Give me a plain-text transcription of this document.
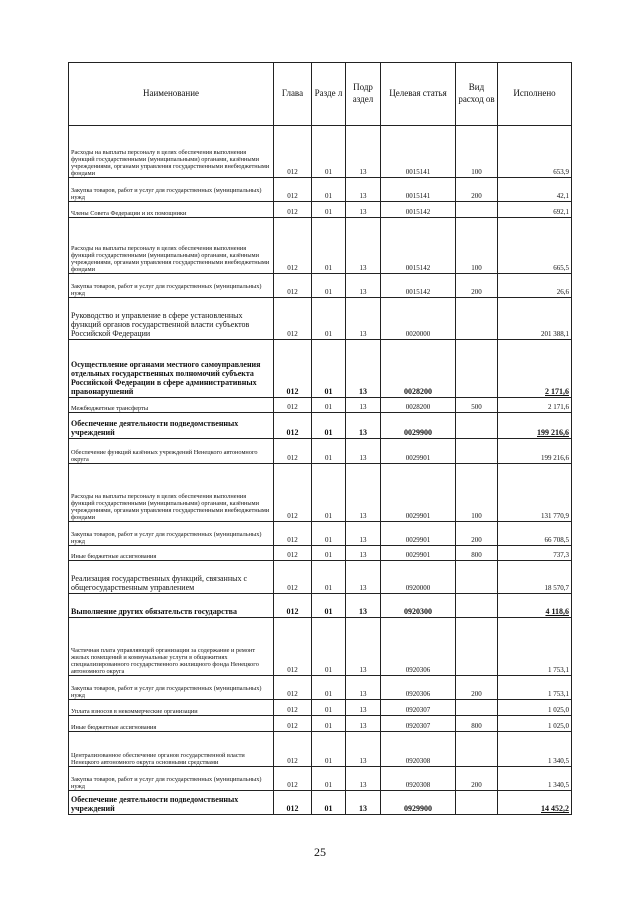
Наименование	Глава	Разде л	Подр аздел	Целевая статья	Вид расход ов	Исполнено
Расходы на выплаты персоналу в целях обеспечения выполнения функций государственными (муниципальными) органами, казёнными учреждениями, органами управления государственными внебюджетными фондами	012	01	13	0015141	100	653,9
Закупка товаров, работ и услуг для государственных (муниципальных) нужд	012	01	13	0015141	200	42,1
Члены Совета Федерации и их помощники	012	01	13	0015142		692,1
Расходы на выплаты персоналу в целях обеспечения выполнения функций государственными (муниципальными) органами, казёнными учреждениями, органами управления государственными внебюджетными фондами	012	01	13	0015142	100	665,5
Закупка товаров, работ и услуг для государственных (муниципальных) нужд	012	01	13	0015142	200	26,6
Руководство и управление в сфере установленных функций органов государственной власти субъектов Российской Федерации	012	01	13	0020000		201 388,1
Осуществление органами местного самоуправления отдельных государственных полномочий субъекта Российской Федерации в сфере административных правонарушений	012	01	13	0028200		2 171,6
Межбюджетные трансферты	012	01	13	0028200	500	2 171,6
Обеспечение деятельности подведомственных учреждений	012	01	13	0029900		199 216,6
Обеспечение функций казённых учреждений Ненецкого автономного округа	012	01	13	0029901		199 216,6
Расходы на выплаты персоналу в целях обеспечения выполнения функций государственными (муниципальными) органами, казёнными учреждениями, органами управления государственными внебюджетными фондами	012	01	13	0029901	100	131 770,9
Закупка товаров, работ и услуг для государственных (муниципальных) нужд	012	01	13	0029901	200	66 708,5
Иные бюджетные ассигнования	012	01	13	0029901	800	737,3
Реализация государственных функций, связанных с общегосударственным управлением	012	01	13	0920000		18 570,7
Выполнение других обязательств государства	012	01	13	0920300		4 118,6
Частичная плата управляющей организации за содержание и ремонт жилых помещений и коммунальные услуги в общежитиях специализированного государственного жилищного фонда Ненецкого автономного округа	012	01	13	0920306		1 753,1
Закупка товаров, работ и услуг для государственных (муниципальных) нужд	012	01	13	0920306	200	1 753,1
Уплата взносов в некоммерческие организации	012	01	13	0920307		1 025,0
Иные бюджетные ассигнования	012	01	13	0920307	800	1 025,0
Централизованное обеспечение органов государственной власти Ненецкого автономного округа основными средствами	012	01	13	0920308		1 340,5
Закупка товаров, работ и услуг для государственных (муниципальных) нужд	012	01	13	0920308	200	1 340,5
Обеспечение деятельности подведомственных учреждений	012	01	13	0929900		14 452,2
25
